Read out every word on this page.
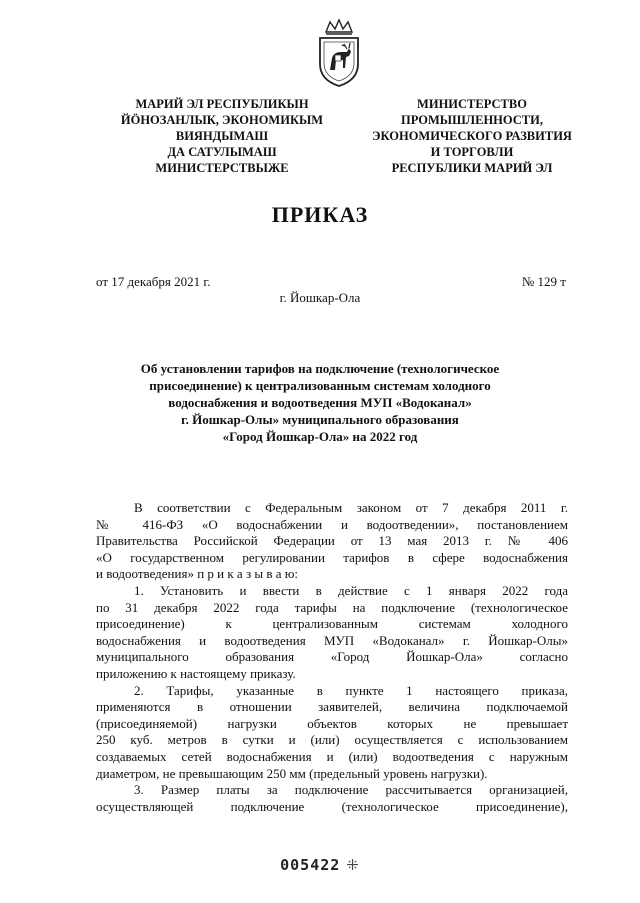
МАРИЙ ЭЛ РЕСПУБЛИКЫН
ЙӦНОЗАНЛЫК, ЭКОНОМИКЫМ
ВИЯНДЫМАШ
ДА САТУЛЫМАШ
МИНИСТЕРСТВЫЖЕ
МИНИСТЕРСТВО
ПРОМЫШЛЕННОСТИ,
ЭКОНОМИЧЕСКОГО РАЗВИТИЯ
И ТОРГОВЛИ
РЕСПУБЛИКИ МАРИЙ ЭЛ
ПРИКАЗ
от 17 декабря 2021 г.	№ 129 т
г. Йошкар-Ола
Об установлении тарифов на подключение (технологическое
присоединение) к централизованным системам холодного
водоснабжения и водоотведения МУП «Водоканал»
г. Йошкар-Олы» муниципального образования
«Город Йошкар-Ола» на 2022 год
В соответствии с Федеральным законом от 7 декабря 2011 г.
№ 416-ФЗ «О водоснабжении и водоотведении», постановлением
Правительства Российской Федерации от 13 мая 2013 г. № 406
«О государственном регулировании тарифов в сфере водоснабжения
и водоотведения» п р и к а з ы в а ю:
1. Установить и ввести в действие с 1 января 2022 года
по 31 декабря 2022 года тарифы на подключение (технологическое
присоединение) к централизованным системам холодного
водоснабжения и водоотведения МУП «Водоканал» г. Йошкар-Олы»
муниципального образования «Город Йошкар-Ола» согласно
приложению к настоящему приказу.
2. Тарифы, указанные в пункте 1 настоящего приказа,
применяются в отношении заявителей, величина подключаемой
(присоединяемой) нагрузки объектов которых не превышает
250 куб. метров в сутки и (или) осуществляется с использованием
создаваемых сетей водоснабжения и (или) водоотведения с наружным
диаметром, не превышающим 250 мм (предельный уровень нагрузки).
3. Размер платы за подключение рассчитывается организацией,
осуществляющей подключение (технологическое присоединение),
005422 ⁜
